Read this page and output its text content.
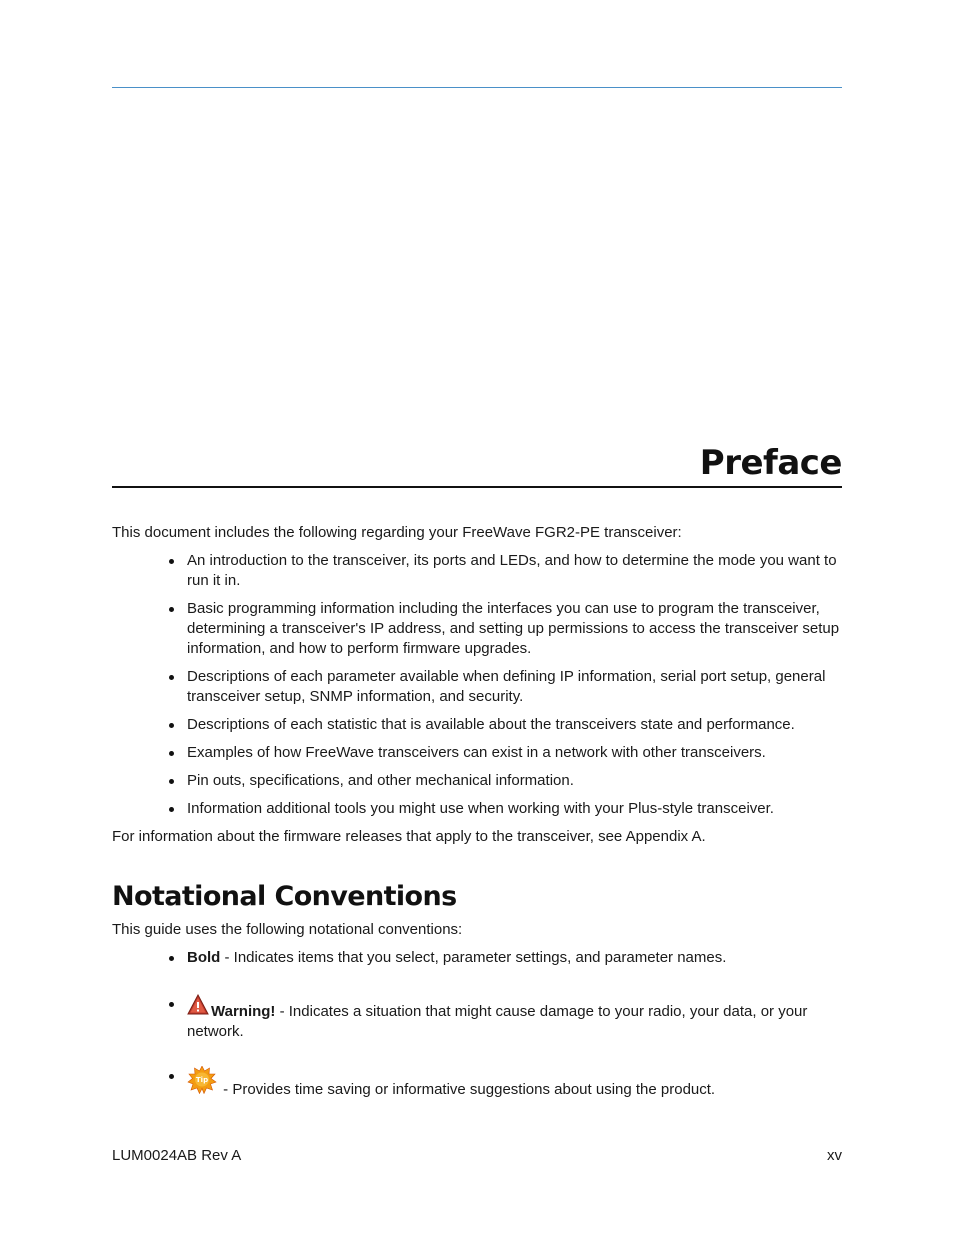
Preface

This document includes the following regarding your FreeWave FGR2-PE transceiver:

An introduction to the transceiver, its ports and LEDs, and how to determine the mode you want to run it in.
Basic programming information including the interfaces you can use to program the transceiver, determining a transceiver's IP address, and setting up permissions to access the transceiver setup information, and how to perform firmware upgrades.
Descriptions of each parameter available when defining IP information, serial port setup, general transceiver setup, SNMP information, and security.
Descriptions of each statistic that is available about the transceivers state and performance.
Examples of how FreeWave transceivers can exist in a network with other transceivers.
Pin outs, specifications, and other mechanical information.
Information additional tools you might use when working with your Plus-style transceiver.

For information about the firmware releases that apply to the transceiver, see Appendix A.

Notational Conventions

This guide uses the following notational conventions:

Bold - Indicates items that you select, parameter settings, and parameter names.
Warning! - Indicates a situation that might cause damage to your radio, your data, or your network.
Tip
- Provides time saving or informative suggestions about using the product.
LUM0024AB Rev A	xv
